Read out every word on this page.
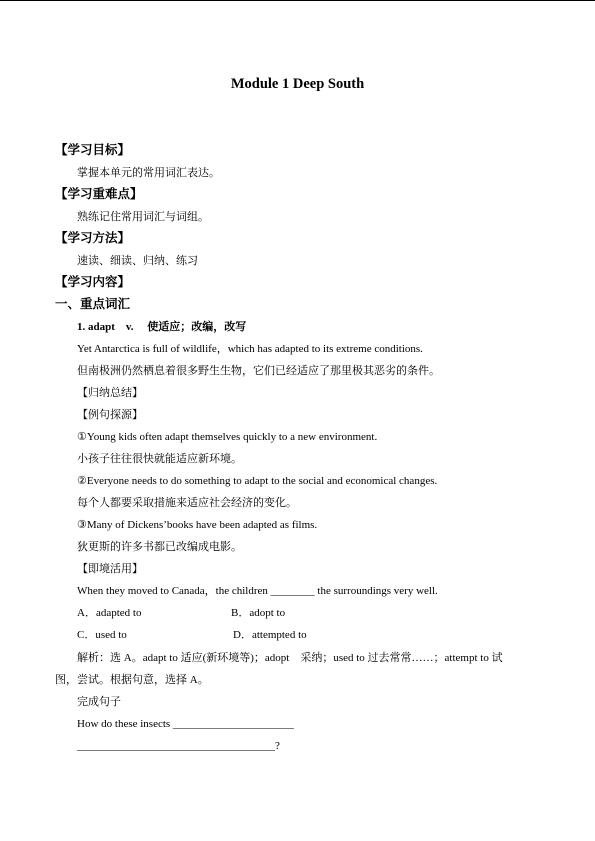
Module 1 Deep South
【学习目标】
掌握本单元的常用词汇表达。
【学习重难点】
熟练记住常用词汇与词组。
【学习方法】
速读、细读、归纳、练习
【学习内容】
一、重点词汇
1. adapt　v.　 使适应；改编，改写
Yet Antarctica is full of wildlife，which has adapted to its extreme conditions.
但南极洲仍然栖息着很多野生生物，它们已经适应了那里极其恶劣的条件。
【归纳总结】
【例句探源】
①Young kids often adapt themselves quickly to a new environment.
小孩子往往很快就能适应新环境。
②Everyone needs to do something to adapt to the social and economical changes.
每个人都要采取措施来适应社会经济的变化。
③Many of Dickens’books have been adapted as films.
狄更斯的许多书都已改编成电影。
【即境活用】
When they moved to Canada，the children ________ the surroundings very well.
A．adapted to	B．adopt to
C．used to	D．attempted to
解析：选 A。adapt to 适应(新环境等)；adopt　采纳；used to 过去常常……；attempt to 试
图，尝试。根据句意，选择 A。
完成句子
How do these insects ______________________
____________________________________?
